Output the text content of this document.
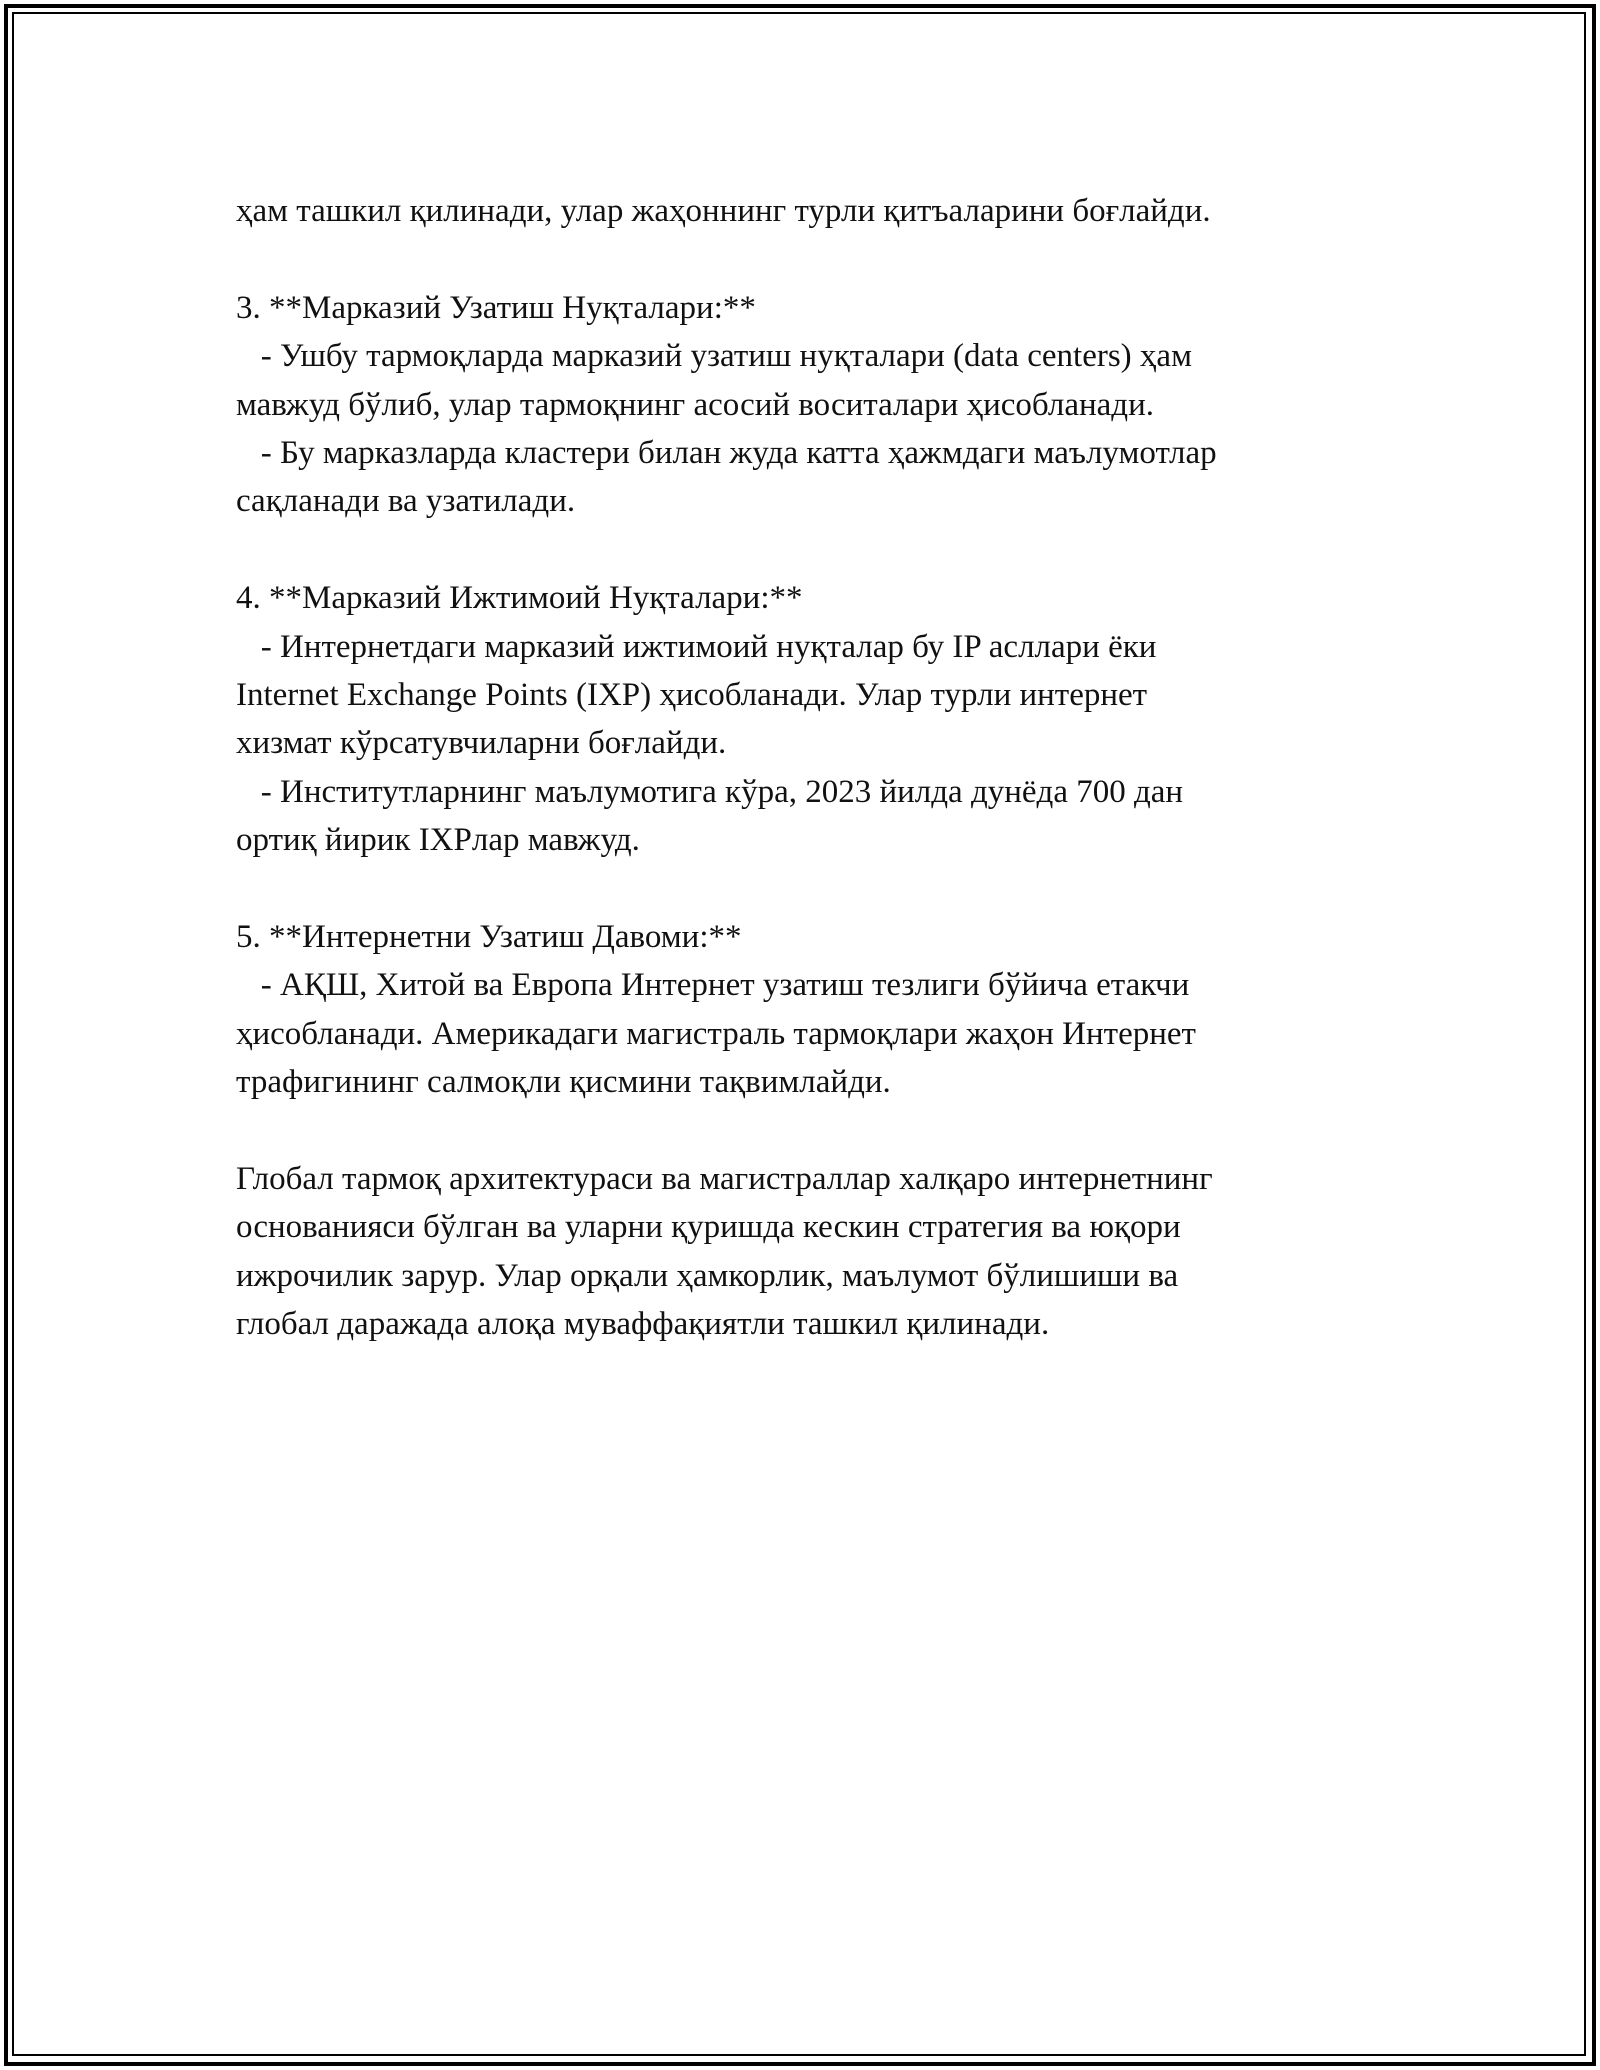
ҳам ташкил қилинади, улар жаҳоннинг турли қитъаларини боғлайди.
3. **Марказий Узатиш Нуқталари:**
- Ушбу тармоқларда марказий узатиш нуқталари (data centers) ҳам
мавжуд бўлиб, улар тармоқнинг асосий воситалари ҳисобланади.
- Бу марказларда кластери билан жуда катта ҳажмдаги маълумотлар
сақланади ва узатилади.
4. **Марказий Ижтимоий Нуқталари:**
- Интернетдаги марказий ижтимоий нуқталар бу IP асллари ёки
Internet Exchange Points (IXP) ҳисобланади. Улар турли интернет
хизмат кўрсатувчиларни боғлайди.
- Институтларнинг маълумотига кўра, 2023 йилда дунёда 700 дан
ортиқ йирик IXPлар мавжуд.
5. **Интернетни Узатиш Давоми:**
- АҚШ, Хитой ва Европа Интернет узатиш тезлиги бўйича етакчи
ҳисобланади. Америкадаги магистраль тармоқлари жаҳон Интернет
трафигининг салмоқли қисмини тақвимлайди.
Глобал тармоқ архитектураси ва магистраллар халқаро интернетнинг
основанияси бўлган ва уларни қуришда кескин стратегия ва юқори
ижрочилик зарур. Улар орқали ҳамкорлик, маълумот бўлишиши ва
глобал даражада алоқа муваффақиятли ташкил қилинади.
